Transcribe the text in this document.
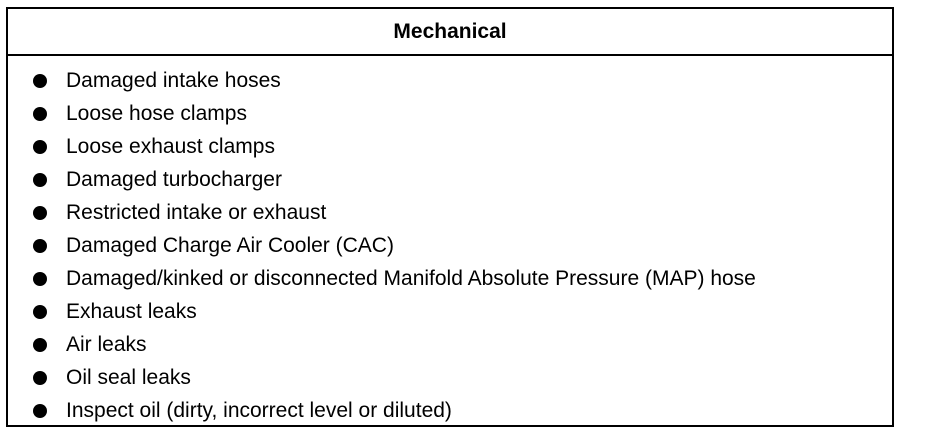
Mechanical
Damaged intake hoses
Loose hose clamps
Loose exhaust clamps
Damaged turbocharger
Restricted intake or exhaust
Damaged Charge Air Cooler (CAC)
Damaged/kinked or disconnected Manifold Absolute Pressure (MAP) hose
Exhaust leaks
Air leaks
Oil seal leaks
Inspect oil (dirty, incorrect level or diluted)
